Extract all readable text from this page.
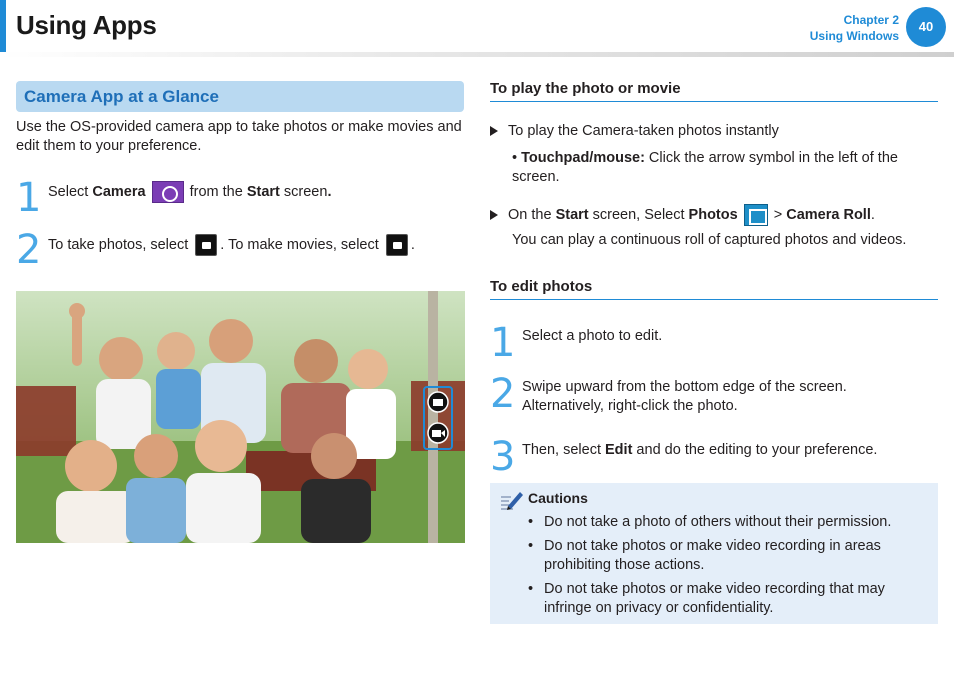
Using Apps	Chapter 2
Using Windows
40
Camera App at a Glance
Use the OS-provided camera app to take photos or make movies and edit them to your preference.
1 Select Camera	from the Start screen.
2 To take photos, select . To make movies, select .
To play the photo or movie
To play the Camera-taken photos instantly
• Touchpad/mouse: Click the arrow symbol in the left of the screen.
On the Start screen, Select Photos  > Camera Roll.
You can play a continuous roll of captured photos and videos.
To edit photos
1 Select a photo to edit.
2 Swipe upward from the bottom edge of the screen. Alternatively, right-click the photo.
3 Then, select Edit and do the editing to your preference.
Cautions
• Do not take a photo of others without their permission.
• Do not take photos or make video recording in areas prohibiting those actions.
• Do not take photos or make video recording that may infringe on privacy or confidentiality.
